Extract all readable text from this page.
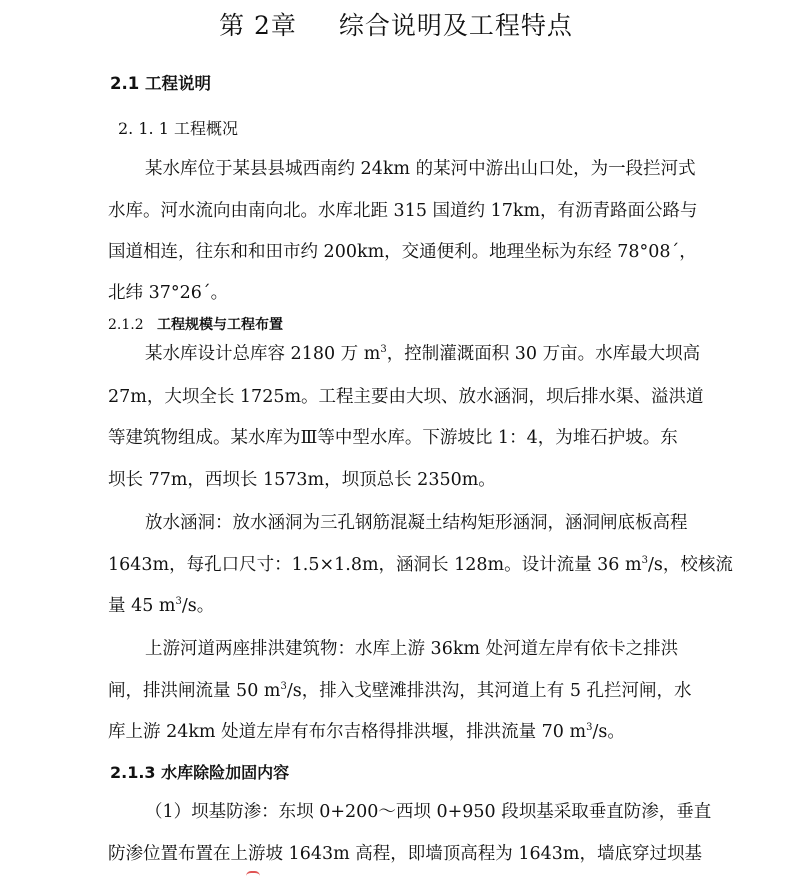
第 2章 综合说明及工程特点
2.1 工程说明
2. 1. 1 工程概况
某水库位于某县县城西南约 24km 的某河中游出山口处，为一段拦河式
水库。河水流向由南向北。水库北距 315 国道约 17km，有沥青路面公路与
国道相连，往东和和田市约 200km，交通便利。地理坐标为东经 78°08´，
北纬 37°26´。
2.1.2 工程规模与工程布置
某水库设计总库容 2180 万 $m^3$，控制灌溉面积 30 万亩。水库最大坝高
27m，大坝全长 1725m。工程主要由大坝、放水涵洞，坝后排水渠、溢洪道
等建筑物组成。某水库为Ⅲ等中型水库。下游坡比 1：4，为堆石护坡。东
坝长 77m，西坝长 1573m，坝顶总长 2350m。
放水涵洞：放水涵洞为三孔钢筋混凝土结构矩形涵洞，涵洞闸底板高程
1643m，每孔口尺寸：1.5×1.8m，涵洞长 128m。设计流量 36 $m^3/s$，校核流
量 45 $m^3/s$。
上游河道两座排洪建筑物：水库上游 36km 处河道左岸有依卡之排洪
闸，排洪闸流量 50 $m^3/s$，排入戈壁滩排洪沟，其河道上有 5 孔拦河闸，水
库上游 24km 处道左岸有布尔吉格得排洪堰，排洪流量 70 $m^3/s$。
2.1.3 水库除险加固内容
（1）坝基防渗：东坝 0+200～西坝 0+950 段坝基采取垂直防渗，垂直
防渗位置布置在上游坡 1643m 高程，即墙顶高程为 1643m，墙底穿过坝基
